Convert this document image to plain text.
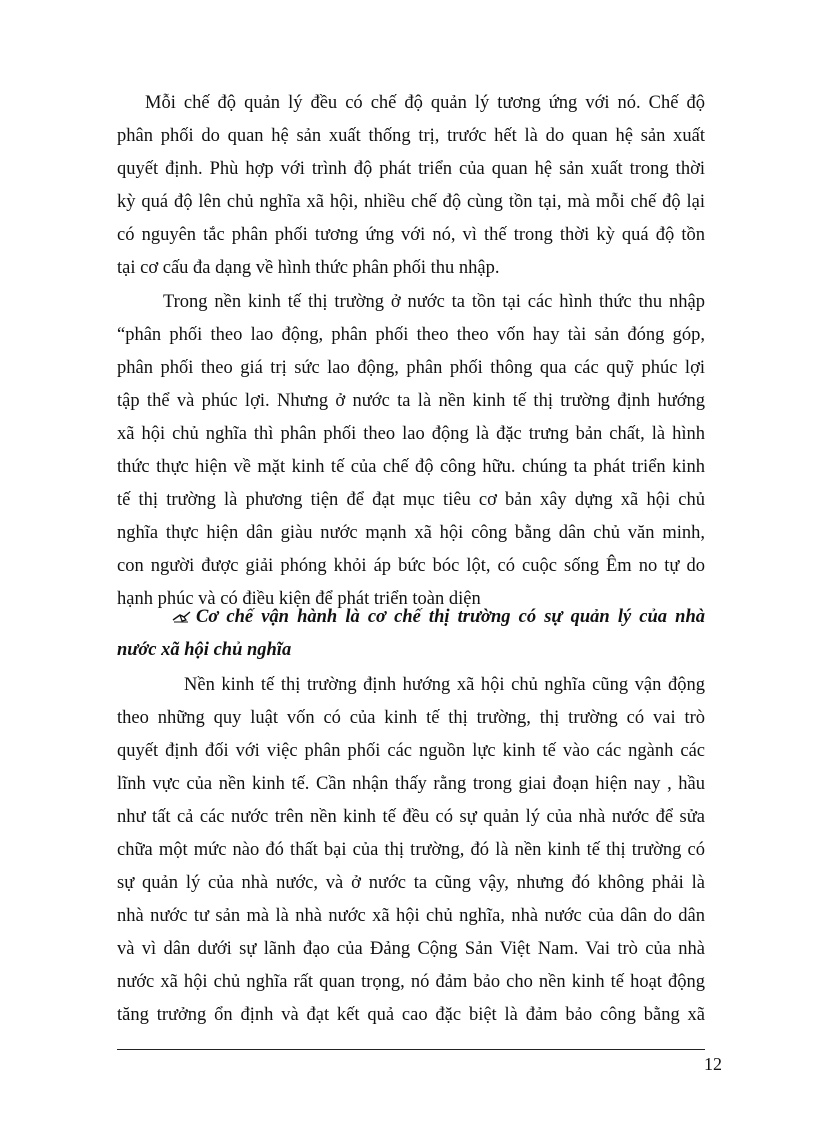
Mỗi chế độ quản lý đều có chế độ quản lý tương ứng với nó. Chế độ
phân phối do quan hệ sản xuất thống trị, trước hết là do quan hệ sản xuất
quyết định. Phù hợp với trình độ phát triển của quan hệ sản xuất trong thời
kỳ quá độ lên chủ nghĩa xã hội, nhiều chế độ cùng tồn tại, mà mỗi chế độ lại
có nguyên tắc phân phối tương ứng với nó, vì thế trong thời kỳ quá độ tồn
tại cơ cấu đa dạng về hình thức phân phối thu nhập.
Trong nền kinh tế thị trường ở nước ta tồn tại các hình thức thu nhập
“phân phối theo lao động, phân phối theo theo vốn hay tài sản đóng góp,
phân phối theo giá trị sức lao động, phân phối thông qua các quỹ phúc lợi
tập thể và phúc lợi. Nhưng ở nước ta là nền kinh tế thị trường định hướng
xã hội chủ nghĩa thì phân phối theo lao động là đặc trưng bản chất, là hình
thức thực hiện về mặt kinh tế của chế độ công hữu. chúng ta phát triển kinh
tế thị trường là phương tiện để đạt mục tiêu cơ bản xây dựng xã hội chủ
nghĩa thực hiện dân giàu nước mạnh xã hội công bằng dân chủ văn minh,
con người được giải phóng khỏi áp bức bóc lột, có cuộc sống Êm no tự do
hạnh phúc và có điều kiện để phát triển toàn diện
Cơ chế vận hành là cơ chế thị trường có sự quản lý của nhà
nước xã hội chủ nghĩa
Nền kinh tế thị trường định hướng xã hội chủ nghĩa cũng vận động
theo những quy luật vốn có của kinh tế thị trường, thị trường có vai trò
quyết định đối với việc phân phối các nguồn lực kinh tế vào các ngành các
lĩnh vực của nền kinh tế. Cần nhận thấy rằng trong giai đoạn hiện nay , hầu
như tất cả các nước trên nền kinh tế đều có sự quản lý của nhà nước để sửa
chữa một mức nào đó thất bại của thị trường, đó là nền kinh tế thị trường có
sự quản lý của nhà nước, và ở nước ta cũng vậy, nhưng đó không phải là
nhà nước tư sản mà là nhà nước xã hội chủ nghĩa, nhà nước của dân do dân
và vì dân dưới sự lãnh đạo của Đảng Cộng Sản Việt Nam. Vai trò của nhà
nước xã hội chủ nghĩa rất quan trọng, nó đảm bảo cho nền kinh tế hoạt động
tăng trưởng ổn định và đạt kết quả cao đặc biệt là đảm bảo công bằng xã
12
